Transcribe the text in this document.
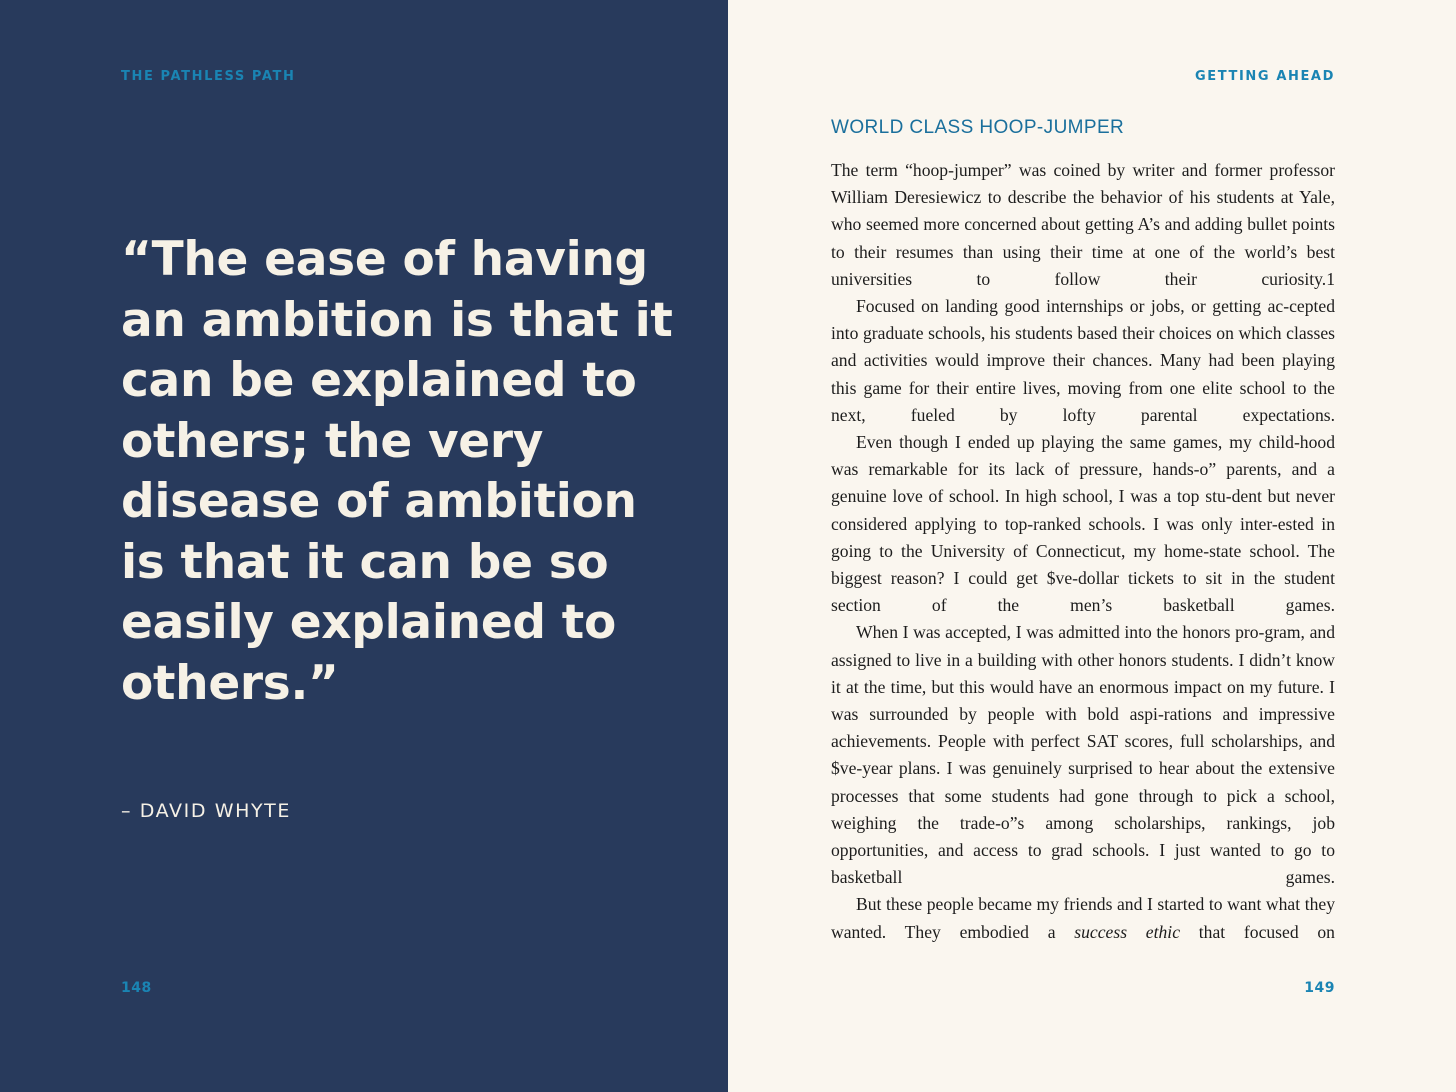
THE PATHLESS PATH
“The ease of having an ambition is that it can be explained to others; the very disease of ambition is that it can be so easily explained to others.”
– DAVID WHYTE
148
GETTING AHEAD
WORLD CLASS HOOP-JUMPER

The term “hoop-jumper” was coined by writer and former professor William Deresiewicz to describe the behavior of his students at Yale, who seemed more concerned about getting A’s and adding bullet points to their resumes than using their time at one of the world’s best universities to follow their curiosity.1

Focused on landing good internships or jobs, or getting ac-cepted into graduate schools, his students based their choices on which classes and activities would improve their chances. Many had been playing this game for their entire lives, moving from one elite school to the next, fueled by lofty parental expectations.

Even though I ended up playing the same games, my child-hood was remarkable for its lack of pressure, hands-o” parents, and a genuine love of school. In high school, I was a top stu-dent but never considered applying to top-ranked schools. I was only inter-ested in going to the University of Connecticut, my home-state school. The biggest reason? I could get $ve-dollar tickets to sit in the student section of the men’s basketball games.

When I was accepted, I was admitted into the honors pro-gram, and assigned to live in a building with other honors students. I didn’t know it at the time, but this would have an enormous impact on my future. I was surrounded by people with bold aspi-rations and impressive achievements. People with perfect SAT scores, full scholarships, and $ve-year plans. I was genuinely surprised to hear about the extensive processes that some students had gone through to pick a school, weighing the trade-o”s among scholarships, rankings, job opportunities, and access to grad schools. I just wanted to go to basketball games.

But these people became my friends and I started to want what they wanted. They embodied a success ethic that focused on

149
